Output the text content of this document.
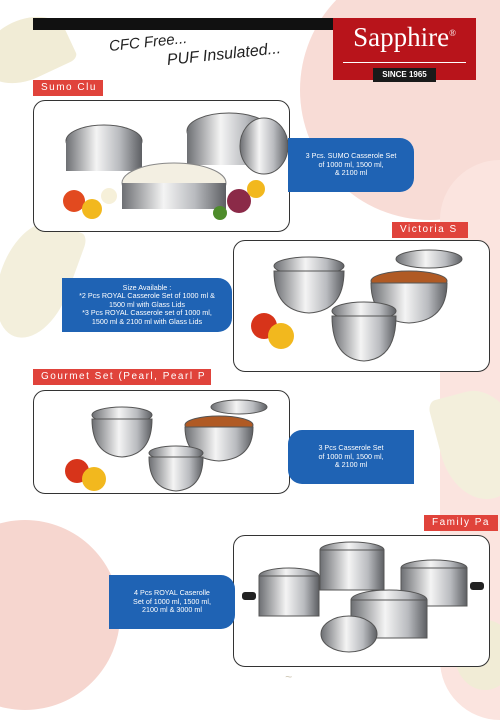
CFC Free...
PUF Insulated...
Sapphire®
SINCE 1965
Sumo Clu
3 Pcs. SUMO Casserole Set
of 1000 ml, 1500 ml,
& 2100 ml
Victoria S
Size Available :
*2 Pcs ROYAL Casserole Set of 1000 ml &
1500 ml with Glass Lids
*3 Pcs ROYAL Casserole set of 1000 ml,
1500 ml & 2100 ml with Glass Lids
Gourmet Set (Pearl, Pearl P
3 Pcs Casserole Set
of 1000 ml, 1500 ml,
& 2100 ml
Family Pa
4 Pcs ROYAL Caserolle
Set of 1000 ml, 1500 ml,
2100 ml & 3000 ml
~
